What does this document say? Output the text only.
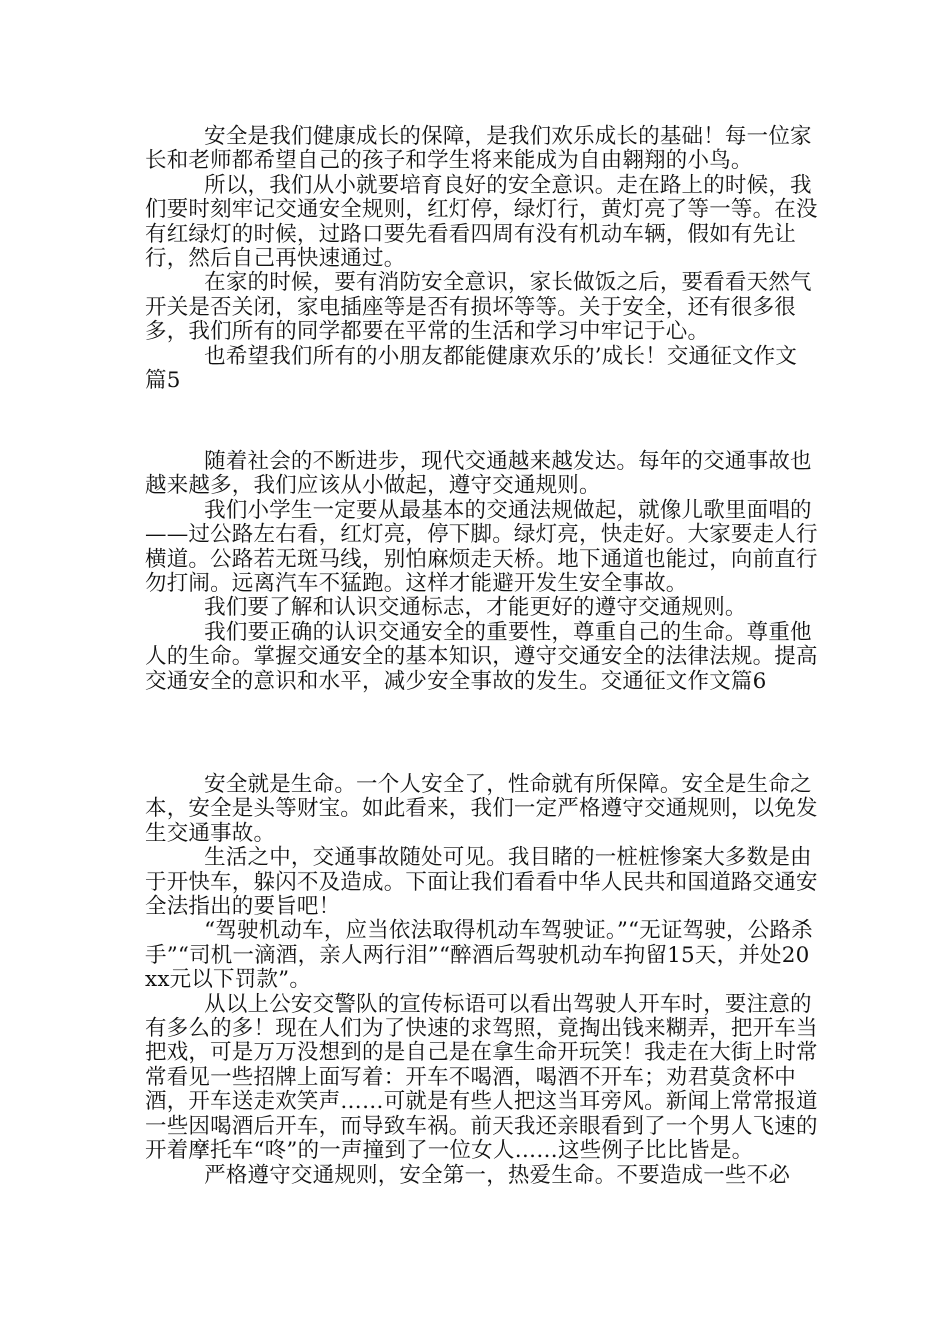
安全是我们健康成长的保障，是我们欢乐成长的基础！每一位家长和老师都希望自己的孩子和学生将来能成为自由翱翔的小鸟。

所以，我们从小就要培育良好的安全意识。走在路上的时候，我们要时刻牢记交通安全规则，红灯停，绿灯行，黄灯亮了等一等。在没有红绿灯的时候，过路口要先看看四周有没有机动车辆，假如有先让行，然后自己再快速通过。

在家的时候，要有消防安全意识，家长做饭之后，要看看天然气开关是否关闭，家电插座等是否有损坏等等。关于安全，还有很多很多，我们所有的同学都要在平常的生活和学习中牢记于心。

也希望我们所有的小朋友都能健康欢乐的’成长！交通征文作文 篇5

随着社会的不断进步，现代交通越来越发达。每年的交通事故也越来越多，我们应该从小做起，遵守交通规则。

我们小学生一定要从最基本的交通法规做起，就像儿歌里面唱的——过公路左右看，红灯亮，停下脚。绿灯亮，快走好。大家要走人行横道。公路若无斑马线，别怕麻烦走天桥。地下通道也能过，向前直行勿打闹。远离汽车不猛跑。这样才能避开发生安全事故。

我们要了解和认识交通标志，才能更好的遵守交通规则。

我们要正确的认识交通安全的重要性，尊重自己的生命。尊重他人的生命。掌握交通安全的基本知识，遵守交通安全的法律法规。提高交通安全的意识和水平，减少安全事故的发生。交通征文作文篇6

安全就是生命。一个人安全了，性命就有所保障。安全是生命之本，安全是头等财宝。如此看来，我们一定严格遵守交通规则，以免发生交通事故。

生活之中，交通事故随处可见。我目睹的一桩桩惨案大多数是由于开快车，躲闪不及造成。下面让我们看看中华人民共和国道路交通安全法指出的要旨吧！

“驾驶机动车，应当依法取得机动车驾驶证。”“无证驾驶，公路杀手”“司机一滴酒，亲人两行泪”“醉酒后驾驶机动车拘留15天，并处20xx元以下罚款”。

从以上公安交警队的宣传标语可以看出驾驶人开车时，要注意的有多么的多！现在人们为了快速的求驾照，竟掏出钱来糊弄，把开车当把戏，可是万万没想到的是自己是在拿生命开玩笑！我走在大街上时常常看见一些招牌上面写着：开车不喝酒，喝酒不开车；劝君莫贪杯中酒，开车送走欢笑声……可就是有些人把这当耳旁风。新闻上常常报道一些因喝酒后开车，而导致车祸。前天我还亲眼看到了一个男人飞速的开着摩托车“咚”的一声撞到了一位女人……这些例子比比皆是。

严格遵守交通规则，安全第一，热爱生命。不要造成一些不必
